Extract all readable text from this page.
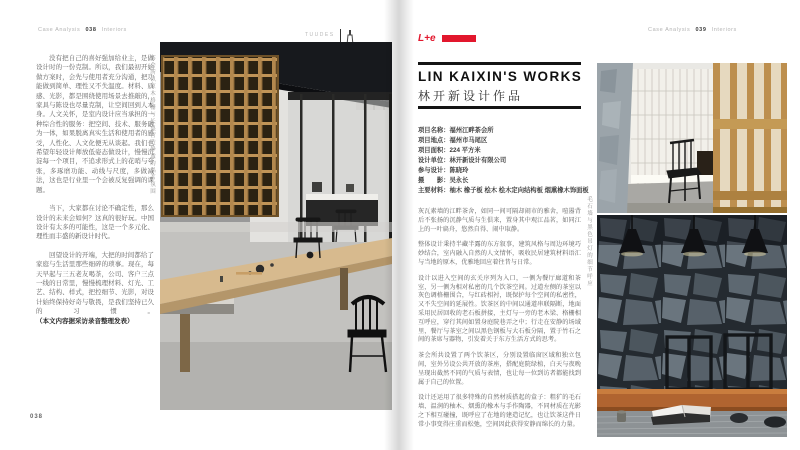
Case Analysis 038 Interiors
TUUDES

没有把自己的喜好强加给业主，是做设计时的一份克制。所以，我们最初开始做方案时，会先与使用者充分沟通，把功能做到简单、理性又不失温度。材料、质感、光影，都是围绕使用场景去推敲的，家具与陈设也尽量克制，让空间回到人本身。人文关怀，是室内设计应当承担的一种综合性的服务：把空间、技术、服务融为一体，如果脱离真实生活和使用者的感受，人性化、人文化便无从谈起。我们也希望年轻设计师放低姿态做设计，慢慢沉淀每一个项目，不追求形式上的花哨与夸张，多琢磨功能、动线与尺度，多做减法，这也是行业里一个会被反复强调的课题。

当下，大家都在讨论不确定性，那么设计的未来会如何？这真的很好玩。中国设计有太多的可能性，这是一个多元化、理性而丰盛的新设计时代。

回望设计的开端，大把的时间都给了家庭与生活里那些细碎的琐事。现在，每天早起与三五老友喝茶，公司、客户三点一线的日常里，慢慢梳理材料、灯光、工艺、结构、样式，把控细节、光影，对设计始终保持好奇与敬畏，是我们坚持已久的习惯。（本文内容据采访录音整理发表）

茶会所以原木格栅与长桌营造静谧的品茗氛围
038
Case Analysis 039 Interiors
L+e
LIN KAIXIN'S WORKS
林开新设计作品
项目名称：福州江畔茶会所
项目地点：福州市马尾区
项目面积：224 平方米
设计单位：林开新设计有限公司
参与设计：陈晓玲
摄　　影：吴永长
主要材料：柚木 橡子板 桧木 桧木定向结构板 烟熏橡木饰面板

灰瓦素墙的江畔茶舍，如同一间可隔却闹市的雅舍，喧嚣背后不张扬的沉静气质与生俱来，置身其中观江品茗，如同江上的一叶扁舟，悠然自得、闹中取静。

整体设计秉持半藏半露的东方叙事，建筑风格与周边环境巧妙结合，室内融入自然的人文情怀，吸收民居建筑材料语汇与当地的原木，优雅地回应着往昔与日常。

设计以进入空间的玄关序列为入口，一侧为餐厅廊道和茶室，另一侧为相对私密的几个饮茶空间。过道左侧的茶室以灰色调格栅围合，与红砖相衬，既保护每个空间的私密性，又不失空间的延展性。饮茶区的中间以通道串联隔断，地面采用民居回收的老石板拼接，主灯与一旁的老木梁、格栅相互呼应，穿行其间如置身庭院巷弄之中；行走在安静的场域里，餐厅与茶室之间以黑色钢板与大石板分隔，置于竹石之间的茶席与器物，引发着关于东方生活方式的思考。

茶会所共设置了两个饮茶区，分别设置临窗区域和独立包间，室外另设公共开放的茶座，搭配庭院绿植，白天与夜晚呈现出截然不同的气质与表情，也让每一位到访者都能找到属于自己的位置。

设计还运用了很多特殊的自然材质搭起的盒子：粗犷的毛石墙、温润的柚木、烟熏的橡木与手作陶器，不同材质在光影之下相互碰撞，既呼应了在地的建造记忆，也让饮茶这件日常小事变得庄重而松弛，空间因此获得安静而绵长的力量。

毛石墙与黑色吊灯的细节呼应
